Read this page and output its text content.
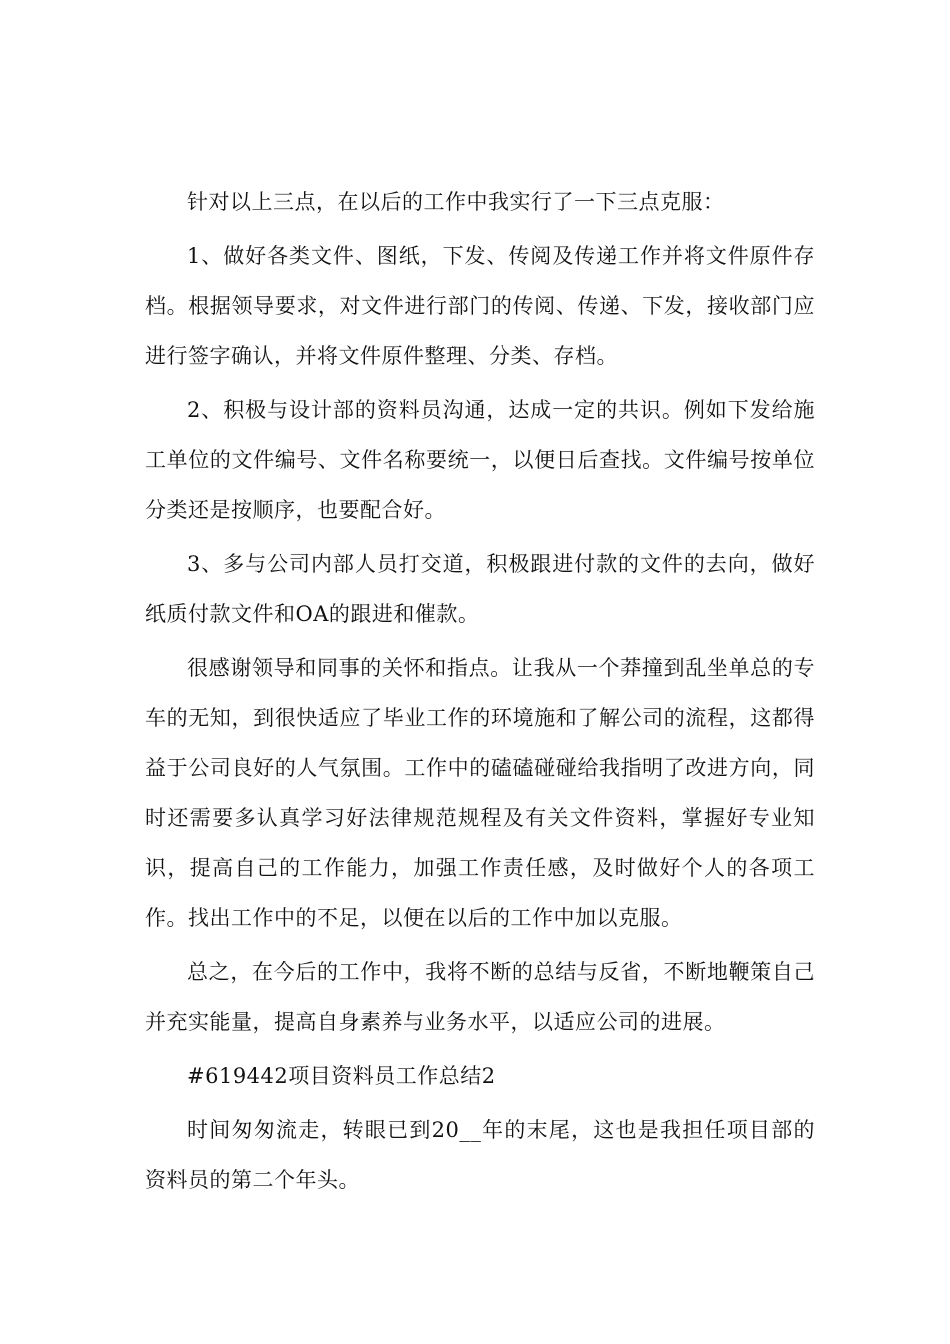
针对以上三点，在以后的工作中我实行了一下三点克服：

1、做好各类文件、图纸，下发、传阅及传递工作并将文件原件存档。根据领导要求，对文件进行部门的传阅、传递、下发，接收部门应进行签字确认，并将文件原件整理、分类、存档。

2、积极与设计部的资料员沟通，达成一定的共识。例如下发给施工单位的文件编号、文件名称要统一，以便日后查找。文件编号按单位分类还是按顺序，也要配合好。

3、多与公司内部人员打交道，积极跟进付款的文件的去向，做好纸质付款文件和OA的跟进和催款。

很感谢领导和同事的关怀和指点。让我从一个莽撞到乱坐单总的专车的无知，到很快适应了毕业工作的环境施和了解公司的流程，这都得益于公司良好的人气氛围。工作中的磕磕碰碰给我指明了改进方向，同时还需要多认真学习好法律规范规程及有关文件资料，掌握好专业知识，提高自己的工作能力，加强工作责任感，及时做好个人的各项工作。找出工作中的不足，以便在以后的工作中加以克服。

总之，在今后的工作中，我将不断的总结与反省，不断地鞭策自己并充实能量，提高自身素养与业务水平，以适应公司的进展。

#619442项目资料员工作总结2

时间匆匆流走，转眼已到20__年的末尾，这也是我担任项目部的资料员的第二个年头。
